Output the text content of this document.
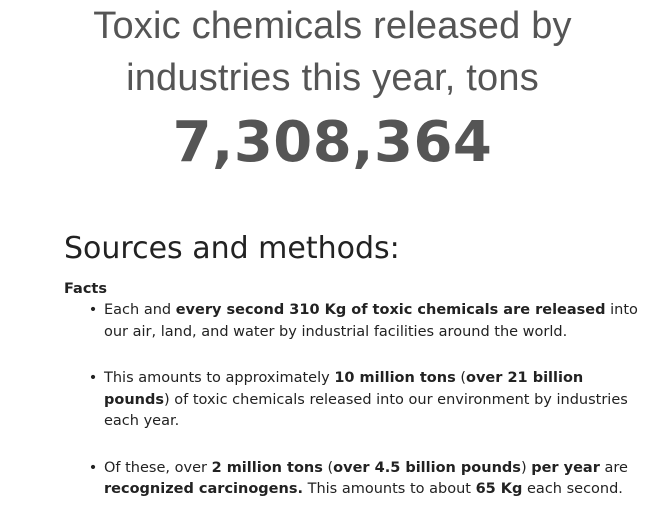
Toxic chemicals released by
industries this year, tons
7,308,364
Sources and methods:
Facts
• Each and every second 310 Kg of toxic chemicals are released into our air, land, and water by industrial facilities around the world.
• This amounts to approximately 10 million tons (over 21 billion pounds) of toxic chemicals released into our environment by industries each year.
• Of these, over 2 million tons (over 4.5 billion pounds) per year are recognized carcinogens. This amounts to about 65 Kg each second.
